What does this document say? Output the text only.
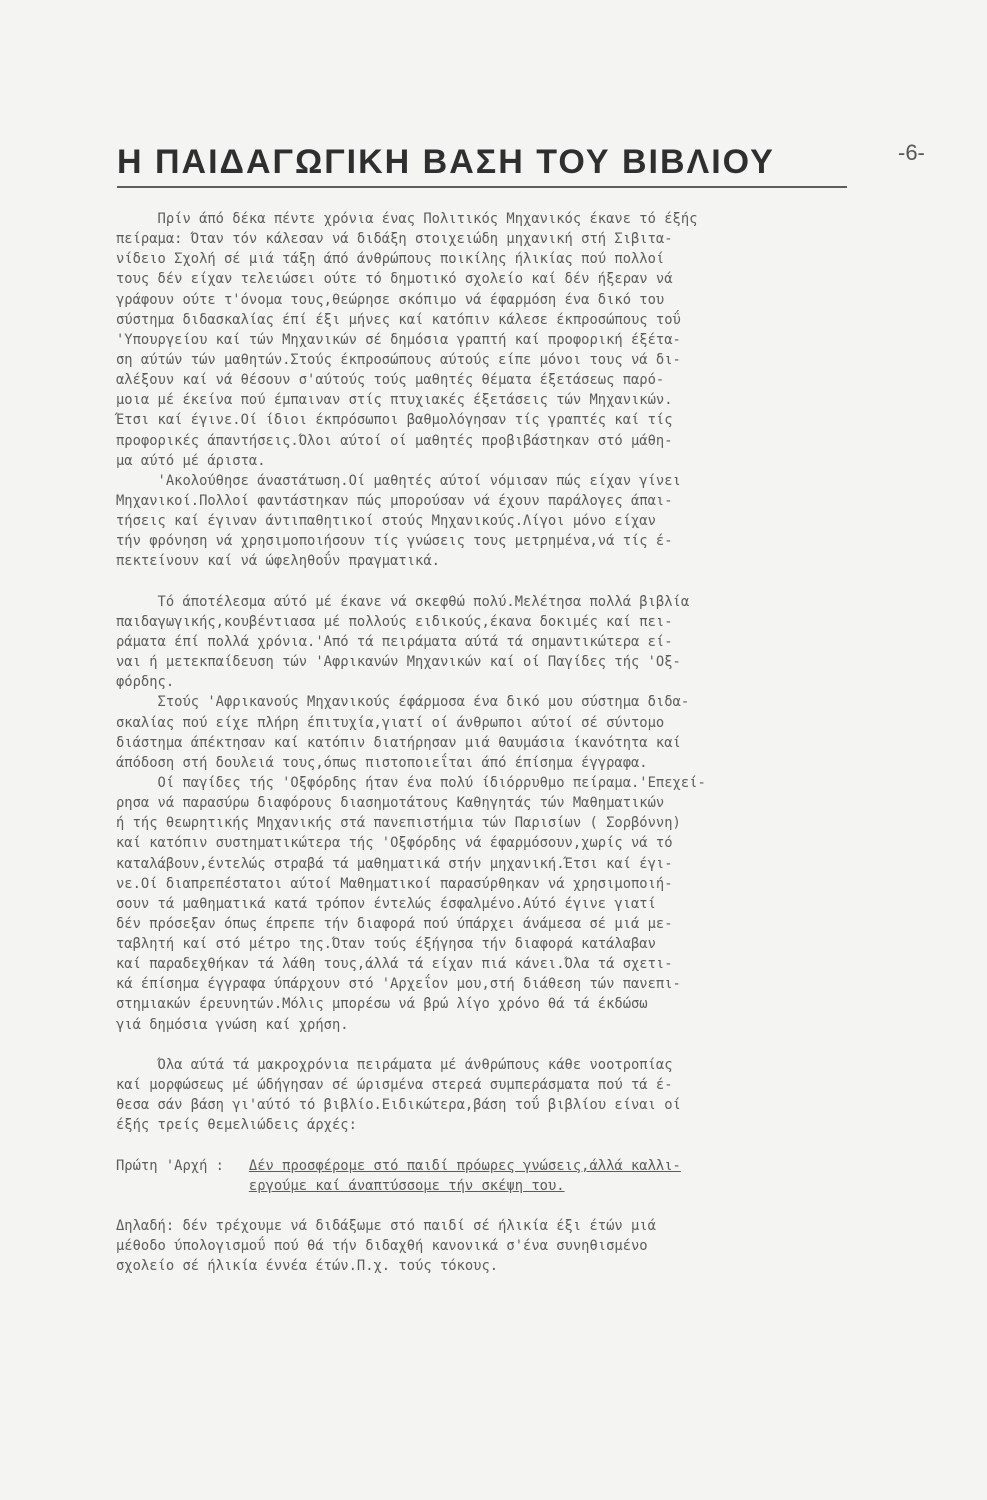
Η ΠΑΙΔΑΓΩΓΙΚΗ ΒΑΣΗ ΤΟΥ ΒΙΒΛΙΟΥ	-6-
Πρίν άπό δέκα πέντε χρόνια ένας Πολιτικός Μηχανικός έκανε τό έξής
πείραμα: Όταν τόν κάλεσαν νά διδάξη στοιχειώδη μηχανική στή Σιβιτα-
νίδειο Σχολή σέ μιά τάξη άπό άνθρώπους ποικίλης ήλικίας πού πολλοί
τους δέν είχαν τελειώσει ούτε τό δημοτικό σχολείο καί δέν ήξεραν νά
γράφουν ούτε τ'όνομα τους,θεώρησε σκόπιμο νά έφαρμόση ένα δικό του
σύστημα διδασκαλίας έπί έξι μήνες καί κατόπιν κάλεσε έκπροσώπους τοΰ
'Υπουργείου καί τών Μηχανικών σέ δημόσια γραπτή καί προφορική έξέτα-
ση αύτών τών μαθητών.Στούς έκπροσώπους αύτούς είπε μόνοι τους νά δι-
αλέξουν καί νά θέσουν σ'αύτούς τούς μαθητές θέματα έξετάσεως παρό-
μοια μέ έκείνα πού έμπαιναν στίς πτυχιακές έξετάσεις τών Μηχανικών.
Έτσι καί έγινε.Οί ίδιοι έκπρόσωποι βαθμολόγησαν τίς γραπτές καί τίς
προφορικές άπαντήσεις.Όλοι αύτοί οί μαθητές προβιβάστηκαν στό μάθη-
μα αύτό μέ άριστα.
'Ακολούθησε άναστάτωση.Οί μαθητές αύτοί νόμισαν πώς είχαν γίνει
Μηχανικοί.Πολλοί φαντάστηκαν πώς μπορούσαν νά έχουν παράλογες άπαι-
τήσεις καί έγιναν άντιπαθητικοί στούς Μηχανικούς.Λίγοι μόνο είχαν
τήν φρόνηση νά χρησιμοποιήσουν τίς γνώσεις τους μετρημένα,νά τίς έ-
πεκτείνουν καί νά ώφεληθοΰν πραγματικά.
Τό άποτέλεσμα αύτό μέ έκανε νά σκεφθώ πολύ.Μελέτησα πολλά βιβλία
παιδαγωγικής,κουβέντιασα μέ πολλούς ειδικούς,έκανα δοκιμές καί πει-
ράματα έπί πολλά χρόνια.'Από τά πειράματα αύτά τά σημαντικώτερα εί-
ναι ή μετεκπαίδευση τών 'Αφρικανών Μηχανικών καί οί Παγίδες τής 'Οξ-
φόρδης.
Στούς 'Αφρικανούς Μηχανικούς έφάρμοσα ένα δικό μου σύστημα διδα-
σκαλίας πού είχε πλήρη έπιτυχία,γιατί οί άνθρωποι αύτοί σέ σύντομο
διάστημα άπέκτησαν καί κατόπιν διατήρησαν μιά θαυμάσια ίκανότητα καί
άπόδοση στή δουλειά τους,όπως πιστοποιεΐται άπό έπίσημα έγγραφα.
Οί παγίδες τής 'Οξφόρδης ήταν ένα πολύ ίδιόρρυθμο πείραμα.'Επεχεί-
ρησα νά παρασύρω διαφόρους διασημοτάτους Καθηγητάς τών Μαθηματικών
ή τής θεωρητικής Μηχανικής στά πανεπιστήμια τών Παρισίων ( Σορβόννη)
καί κατόπιν συστηματικώτερα τής 'Οξφόρδης νά έφαρμόσουν,χωρίς νά τό
καταλάβουν,έντελώς στραβά τά μαθηματικά στήν μηχανική.Έτσι καί έγι-
νε.Οί διαπρεπέστατοι αύτοί Μαθηματικοί παρασύρθηκαν νά χρησιμοποιή-
σουν τά μαθηματικά κατά τρόπον έντελώς έσφαλμένο.Αύτό έγινε γιατί
δέν πρόσεξαν όπως έπρεπε τήν διαφορά πού ύπάρχει άνάμεσα σέ μιά με-
ταβλητή καί στό μέτρο της.Όταν τούς έξήγησα τήν διαφορά κατάλαβαν
καί παραδεχθήκαν τά λάθη τους,άλλά τά είχαν πιά κάνει.Όλα τά σχετι-
κά έπίσημα έγγραφα ύπάρχουν στό 'Αρχεΐον μου,στή διάθεση τών πανεπι-
στημιακών έρευνητών.Μόλις μπορέσω νά βρώ λίγο χρόνο θά τά έκδώσω
γιά δημόσια γνώση καί χρήση.
Όλα αύτά τά μακροχρόνια πειράματα μέ άνθρώπους κάθε νοοτροπίας
καί μορφώσεως μέ ώδήγησαν σέ ώρισμένα στερεά συμπεράσματα πού τά έ-
θεσα σάν βάση γι'αύτό τό βιβλίο.Ειδικώτερα,βάση τοΰ βιβλίου είναι οί
έξής τρείς θεμελιώδεις άρχές:
Πρώτη 'Αρχή : Δέν προσφέρομε στό παιδί πρόωρες γνώσεις,άλλά καλλι-
εργούμε καί άναπτύσσομε τήν σκέψη του.
Δηλαδή: δέν τρέχουμε νά διδάξωμε στό παιδί σέ ήλικία έξι έτών μιά
μέθοδο ύπολογισμοΰ πού θά τήν διδαχθή κανονικά σ'ένα συνηθισμένο
σχολείο σέ ήλικία έννέα έτών.Π.χ. τούς τόκους.
